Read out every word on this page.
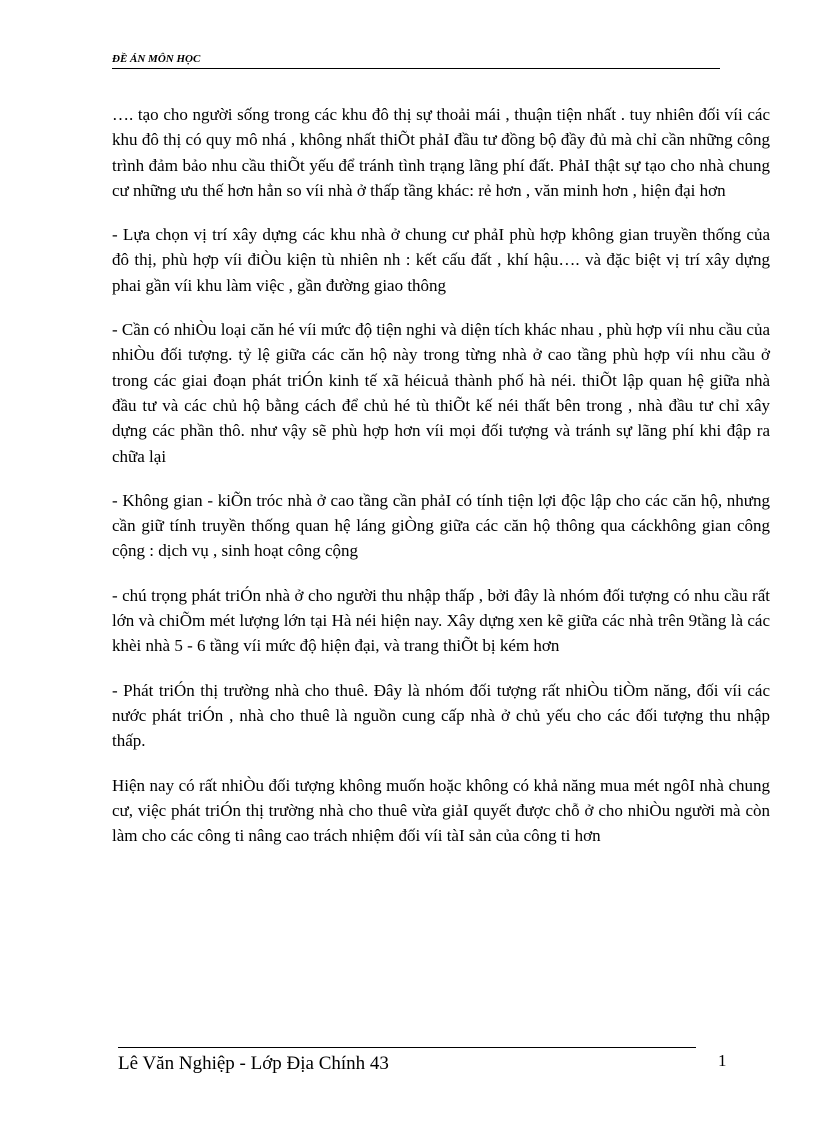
ĐỀ ÁN MÔN HỌC

…. tạo cho người sống trong các khu đô thị sự thoải mái , thuận tiện nhất . tuy nhiên đối víi các khu đô thị có quy mô nhá , không nhất thiÕt phảI đầu tư đồng bộ đầy đủ mà chỉ cần những công trình đảm bảo nhu cầu thiÕt yếu để tránh tình trạng lãng phí đất. PhảI thật sự tạo cho nhà chung cư những ưu thế hơn hẳn so víi nhà ở thấp tầng khác: rẻ hơn , văn minh hơn , hiện đại hơn

- Lựa chọn vị trí xây dựng các khu nhà ở chung cư phảI phù hợp không gian truyền thống của đô thị, phù hợp víi điÒu kiện tù nhiên nh : kết cấu đất , khí hậu…. và đặc biệt vị trí xây dựng phai gần víi khu làm việc , gần đường giao thông

- Cần có nhiÒu loại căn hé víi mức độ tiện nghi và diện tích khác nhau , phù hợp víi nhu cầu của nhiÒu đối tượng. tỷ lệ giữa các căn hộ này trong từng nhà ở cao tầng phù hợp víi nhu cầu ở trong các giai đoạn phát triÓn kinh tế xã héicuả thành phố hà néi. thiÕt lập quan hệ giữa nhà đầu tư và các chủ hộ bằng cách để chủ hé tù thiÕt kế néi thất bên trong , nhà đầu tư chỉ xây dựng các phần thô. như vậy sẽ phù hợp hơn víi mọi đối tượng và tránh sự lãng phí khi đập ra chữa lại

- Không gian - kiÕn tróc nhà ở cao tầng cần phảI có tính tiện lợi độc lập cho các căn hộ, nhưng cần giữ tính truyền thống quan hệ láng giÒng giữa các căn hộ thông qua cáckhông gian công cộng : dịch vụ , sinh hoạt công cộng

- chú trọng phát triÓn nhà ở cho người thu nhập thấp , bởi đây là nhóm đối tượng có nhu cầu rất lớn và chiÕm mét lượng lớn tại Hà néi hiện nay. Xây dựng xen kẽ giữa các nhà trên 9tầng là các khèi nhà 5 - 6 tầng víi mức độ hiện đại, và trang thiÕt bị kém hơn

- Phát triÓn thị trường nhà cho thuê. Đây là nhóm đối tượng rất nhiÒu tiÒm năng, đối víi các nước phát triÓn , nhà cho thuê là nguồn cung cấp nhà ở chủ yếu cho các đối tượng thu nhập thấp.

Hiện nay có rất nhiÒu đối tượng không muốn hoặc không có khả năng mua mét ngôI nhà chung cư, việc phát triÓn thị trường nhà cho thuê vừa giảI quyết được chỗ ở cho nhiÒu người mà còn làm cho các công ti nâng cao trách nhiệm đối víi tàI sản của công ti hơn

Lê Văn Nghiệp - Lớp Địa Chính 43	1
